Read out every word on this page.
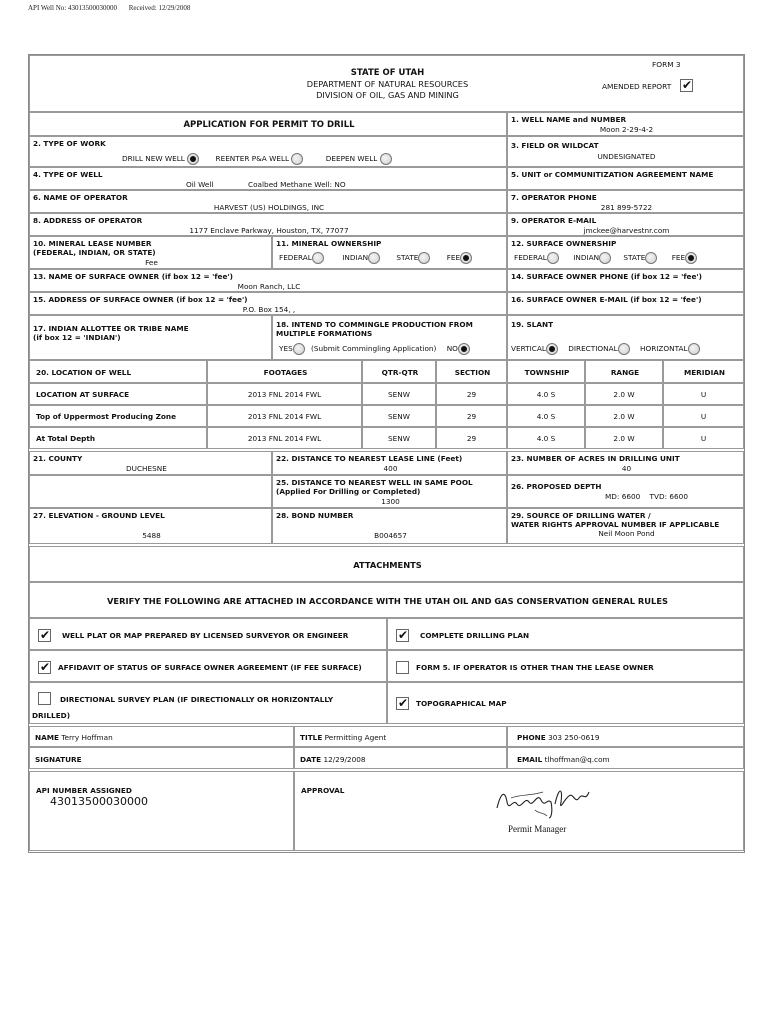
API Well No: 43013500030000 Received: 12/29/2008
STATE OF UTAH
DEPARTMENT OF NATURAL RESOURCES
DIVISION OF OIL, GAS AND MINING
FORM 3
AMENDED REPORT
✔
APPLICATION FOR PERMIT TO DRILL
1. WELL NAME and NUMBER
Moon 2-29-4-2
2. TYPE OF WORK
DRILL NEW WELL	REENTER P&A WELL	DEEPEN WELL
3. FIELD OR WILDCAT
UNDESIGNATED
4. TYPE OF WELL
Oil Well	Coalbed Methane Well: NO
5. UNIT or COMMUNITIZATION AGREEMENT NAME
6. NAME OF OPERATOR
HARVEST (US) HOLDINGS, INC
7. OPERATOR PHONE
281 899-5722
8. ADDRESS OF OPERATOR
1177 Enclave Parkway, Houston, TX, 77077
9. OPERATOR E-MAIL
jmckee@harvestnr.com
10. MINERAL LEASE NUMBER
(FEDERAL, INDIAN, OR STATE)
Fee
11. MINERAL OWNERSHIP
FEDERAL	INDIAN	STATE	FEE
12. SURFACE OWNERSHIP
FEDERAL	INDIAN	STATE	FEE
13. NAME OF SURFACE OWNER (if box 12 = 'fee')
Moon Ranch, LLC
14. SURFACE OWNER PHONE (if box 12 = 'fee')
15. ADDRESS OF SURFACE OWNER (if box 12 = 'fee')
P.O. Box 154, ,
16. SURFACE OWNER E-MAIL (if box 12 = 'fee')
17. INDIAN ALLOTTEE OR TRIBE NAME
(if box 12 = 'INDIAN')
18. INTEND TO COMMINGLE PRODUCTION FROM
MULTIPLE FORMATIONS
YES	(Submit Commingling Application) NO
19. SLANT
VERTICAL	DIRECTIONAL	HORIZONTAL
20. LOCATION OF WELL	FOOTAGES	QTR-QTR	SECTION	TOWNSHIP	RANGE	MERIDIAN
LOCATION AT SURFACE	2013 FNL 2014 FWL	SENW	29	4.0 S	2.0 W	U
Top of Uppermost Producing Zone	2013 FNL 2014 FWL	SENW	29	4.0 S	2.0 W	U
At Total Depth	2013 FNL 2014 FWL	SENW	29	4.0 S	2.0 W	U
21. COUNTY
DUCHESNE
22. DISTANCE TO NEAREST LEASE LINE (Feet)
400
23. NUMBER OF ACRES IN DRILLING UNIT
40
25. DISTANCE TO NEAREST WELL IN SAME POOL
(Applied For Drilling or Completed)
1300
26. PROPOSED DEPTH
MD: 6600    TVD: 6600
27. ELEVATION - GROUND LEVEL
5488
28. BOND NUMBER
B004657
29. SOURCE OF DRILLING WATER /
WATER RIGHTS APPROVAL NUMBER IF APPLICABLE
Neil Moon Pond
ATTACHMENTS
VERIFY THE FOLLOWING ARE ATTACHED IN ACCORDANCE WITH THE UTAH OIL AND GAS CONSERVATION GENERAL RULES
✔
WELL PLAT OR MAP PREPARED BY LICENSED SURVEYOR OR ENGINEER
✔	COMPLETE DRILLING PLAN
✔
AFFIDAVIT OF STATUS OF SURFACE OWNER AGREEMENT (IF FEE SURFACE)	FORM 5. IF OPERATOR IS OTHER THAN THE LEASE OWNER
DIRECTIONAL SURVEY PLAN (IF DIRECTIONALLY OR HORIZONTALLY
DRILLED)
✔
TOPOGRAPHICAL MAP
NAME Terry Hoffman	TITLE Permitting Agent	PHONE 303 250-0619
SIGNATURE	DATE 12/29/2008	EMAIL tlhoffman@q.com
API NUMBER ASSIGNED
43013500030000
APPROVAL
Permit Manager
